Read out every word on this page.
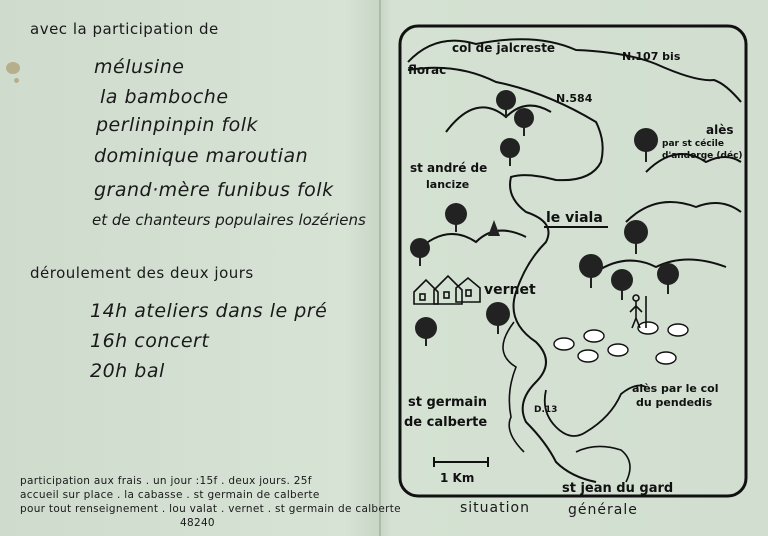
avec la participation de
mélusine
la bamboche
perlinpinpin folk
dominique maroutian
grand·mère funibus folk
et de chanteurs populaires lozériens
déroulement des deux jours
14h ateliers dans le pré
16h concert
20h bal
participation aux frais . un jour :15f . deux jours. 25f
accueil sur place . la cabasse . st germain de calberte
pour tout renseignement . lou valat . vernet . st germain de calberte
48240
col de jalcreste
N.107 bis
florac
N.584
alès
par st cécile
d'andorge (déc)
st andré de
lancize
le viala
vernet
alès par le col
du pendedis
st germain
de calberte
D.13
1 Km
st jean du gard
situation	générale
